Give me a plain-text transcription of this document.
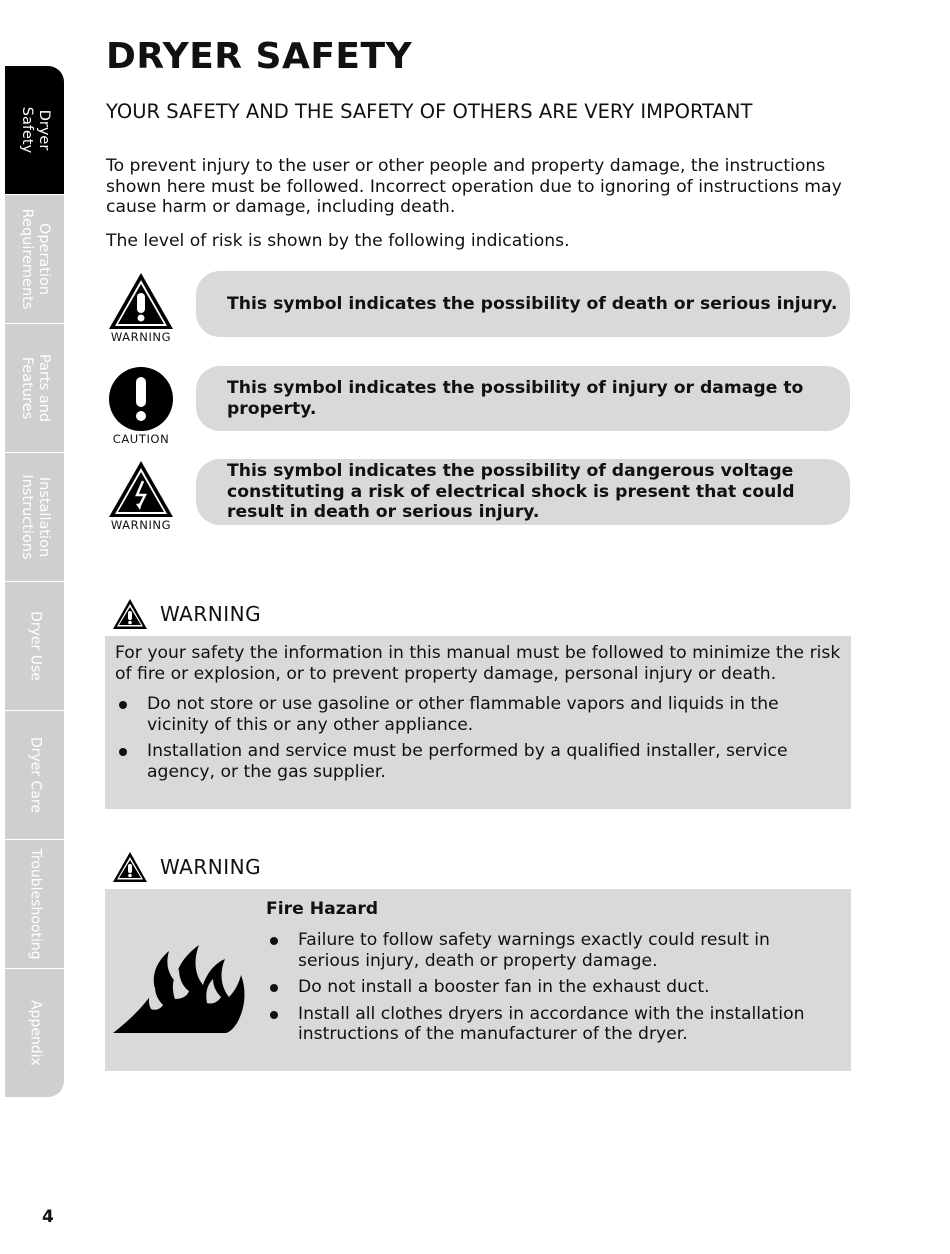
Dryer
Safety
Operation
Requirements
Parts and
Features
Installation
Instructions
Dryer Use
Dryer Care
Troubleshooting
Appendix
DRYER SAFETY
YOUR SAFETY AND THE SAFETY OF OTHERS ARE VERY IMPORTANT

To prevent injury to the user or other people and property damage, the instructions shown here must be followed. Incorrect operation due to ignoring of instructions may cause harm or damage, including death.

The level of risk is shown by the following indications.

WARNING
This symbol indicates the possibility of death or serious injury.
CAUTION
This symbol indicates the possibility of injury or damage to property.
WARNING
This symbol indicates the possibility of dangerous voltage constituting a risk of electrical shock is present that could result in death or serious injury.
WARNING

For your safety the information in this manual must be followed to minimize the risk of fire or explosion, or to prevent property damage, personal injury or death.

Do not store or use gasoline or other flammable vapors and liquids in the vicinity of this or any other appliance.
Installation and service must be performed by a qualified installer, service agency, or the gas supplier.
WARNING
Fire Hazard
Failure to follow safety warnings exactly could result in serious injury, death or property damage.
Do not install a booster fan in the exhaust duct.
Install all clothes dryers in accordance with the installation instructions of the manufacturer of the dryer.
4
